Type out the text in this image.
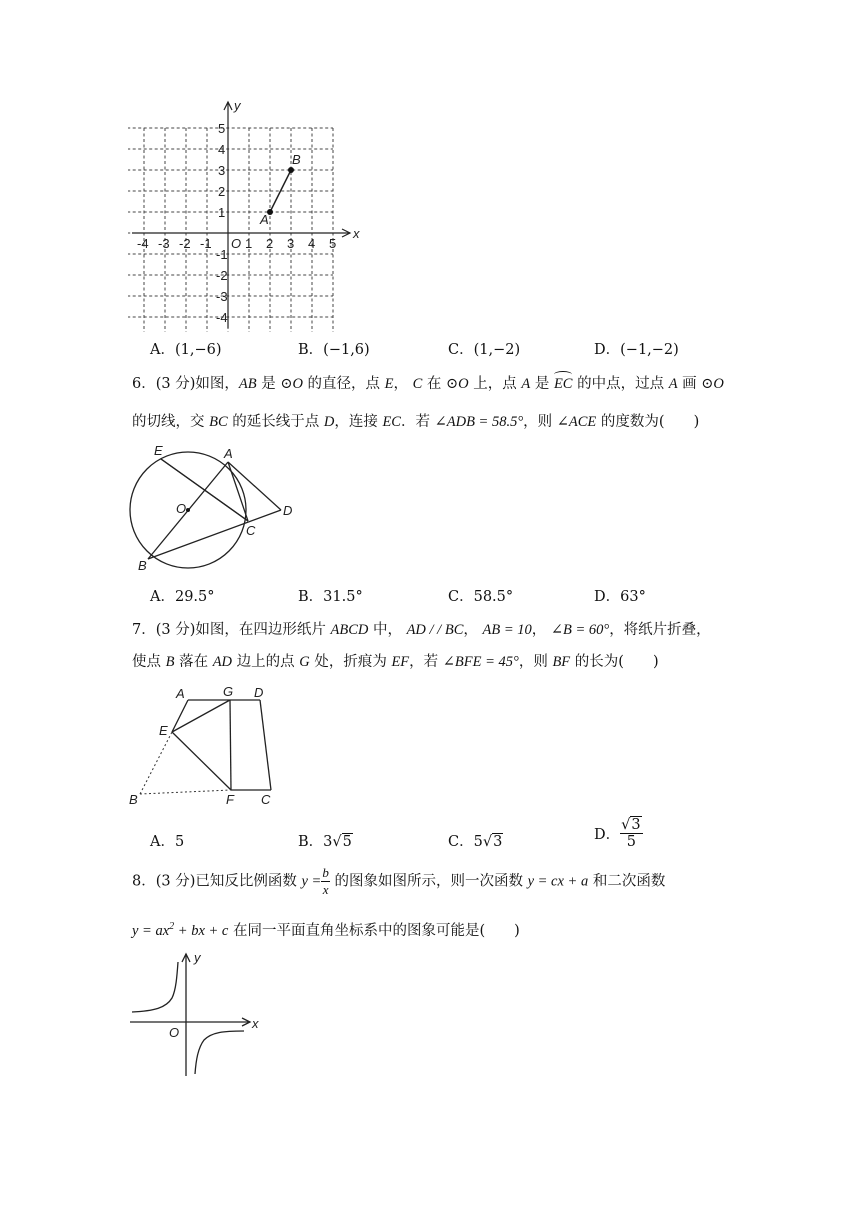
-4 -3 -2 -1	1 2 3 4 5
5
4
3
2
1
-1
-2
-3
-4
O
x
y
A
B
A．(1,−6)	B．(−1,6)	C．(1,−2)	D．(−1,−2)
6．(3 分)如图，AB 是 ⊙O 的直径，点 E， C 在 ⊙O 上，点 A 是 EC 的中点，过点 A 画 ⊙O
的切线，交 BC 的延长线于点 D，连接 EC．若 ∠ADB = 58.5°，则 ∠ACE 的度数为(　　)
E	A
O
C
D
B
A．29.5°	B．31.5°	C．58.5°	D．63°
7．(3 分)如图，在四边形纸片 ABCD 中， AD / / BC， AB = 10， ∠B = 60°，将纸片折叠，
使点 B 落在 AD 边上的点 G 处，折痕为 EF，若 ∠BFE = 45°，则 BF 的长为(　　)
A	G D
E
B	F C
A．5	B．3√5	C．5√3	D． $\frac{√3}{5}$
8．(3 分)已知反比例函数 $y = \frac{b}{x}$ 的图象如图所示，则一次函数 y = cx + a 和二次函数
$y = ax^2$ + bx + c 在同一平面直角坐标系中的图象可能是(　　)
y
x
O
